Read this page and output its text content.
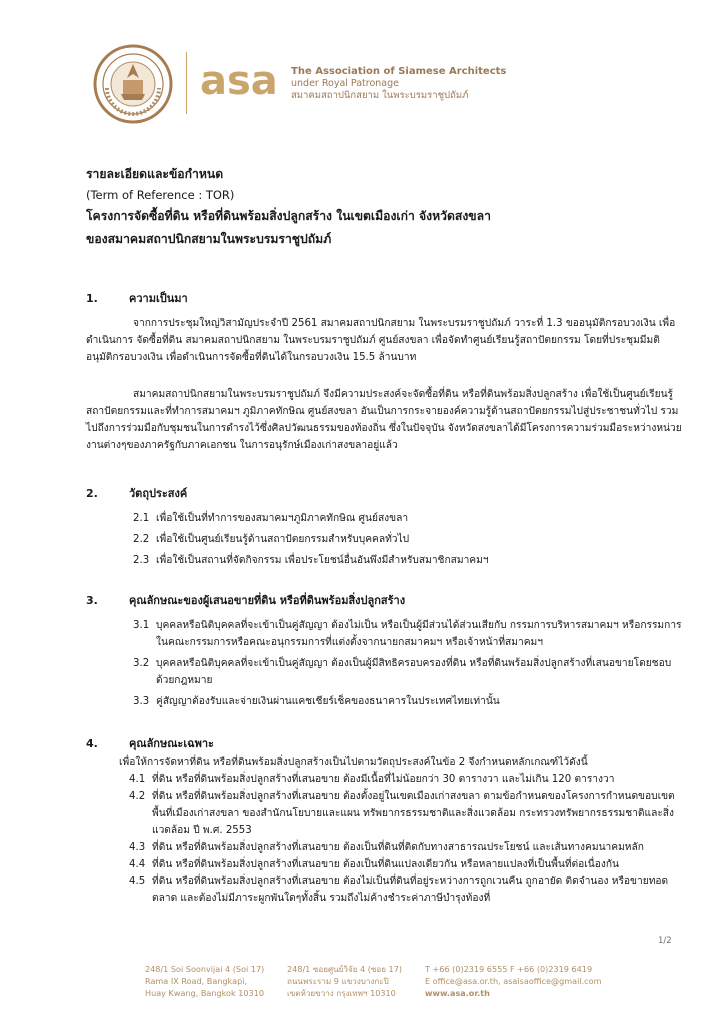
asa The Association of Siamese Architects
under Royal Patronage
สมาคมสถาปนิกสยาม ในพระบรมราชูปถัมภ์
รายละเอียดและข้อกำหนด
(Term of Reference : TOR)
โครงการจัดซื้อที่ดิน หรือที่ดินพร้อมสิ่งปลูกสร้าง ในเขตเมืองเก่า จังหวัดสงขลา
ของสมาคมสถาปนิกสยามในพระบรมราชูปถัมภ์
1.	ความเป็นมา

จากการประชุมใหญ่วิสามัญประจำปี 2561 สมาคมสถาปนิกสยาม ในพระบรมราชูปถัมภ์ วาระที่ 1.3 ขออนุมัติกรอบวงเงิน เพื่อดำเนินการ จัดซื้อที่ดิน สมาคมสถาปนิกสยาม ในพระบรมราชูปถัมภ์ ศูนย์สงขลา เพื่อจัดทำศูนย์เรียนรู้สถาปัตยกรรม โดยที่ประชุมมีมติอนุมัติกรอบวงเงิน เพื่อดำเนินการจัดซื้อที่ดินได้ในกรอบวงเงิน 15.5 ล้านบาท

สมาคมสถาปนิกสยามในพระบรมราชูปถัมภ์ จึงมีความประสงค์จะจัดซื้อที่ดิน หรือที่ดินพร้อมสิ่งปลูกสร้าง เพื่อใช้เป็นศูนย์เรียนรู้สถาปัตยกรรมและที่ทำการสมาคมฯ ภูมิภาคทักษิณ ศูนย์สงขลา อันเป็นการกระจายองค์ความรู้ด้านสถาปัตยกรรมไปสู่ประชาชนทั่วไป รวมไปถึงการร่วมมือกับชุมชนในการดำรงไว้ซึ่งศิลปวัฒนธรรมของท้องถิ่น ซึ่งในปัจจุบัน จังหวัดสงขลาได้มีโครงการความร่วมมือระหว่างหน่วยงานต่างๆของภาครัฐกับภาคเอกชน ในการอนุรักษ์เมืองเก่าสงขลาอยู่แล้ว

2.	วัตถุประสงค์
2.1 เพื่อใช้เป็นที่ทำการของสมาคมฯภูมิภาคทักษิณ ศูนย์สงขลา
2.2 เพื่อใช้เป็นศูนย์เรียนรู้ด้านสถาปัตยกรรมสำหรับบุคคลทั่วไป
2.3 เพื่อใช้เป็นสถานที่จัดกิจกรรม เพื่อประโยชน์อื่นอันพึงมีสำหรับสมาชิกสมาคมฯ
3.	คุณลักษณะของผู้เสนอขายที่ดิน หรือที่ดินพร้อมสิ่งปลูกสร้าง
3.1 บุคคลหรือนิติบุคคลที่จะเข้าเป็นคู่สัญญา ต้องไม่เป็น หรือเป็นผู้มีส่วนได้ส่วนเสียกับ กรรมการบริหารสมาคมฯ หรือกรรมการในคณะกรรมการหรือคณะอนุกรรมการที่แต่งตั้งจากนายกสมาคมฯ หรือเจ้าหน้าที่สมาคมฯ
3.2 บุคคลหรือนิติบุคคลที่จะเข้าเป็นคู่สัญญา ต้องเป็นผู้มีสิทธิครอบครองที่ดิน หรือที่ดินพร้อมสิ่งปลูกสร้างที่เสนอขายโดยชอบด้วยกฎหมาย
3.3 คู่สัญญาต้องรับและจ่ายเงินผ่านแคชเชียร์เช็คของธนาคารในประเทศไทยเท่านั้น
4.	คุณลักษณะเฉพาะ
เพื่อให้การจัดหาที่ดิน หรือที่ดินพร้อมสิ่งปลูกสร้างเป็นไปตามวัตถุประสงค์ในข้อ 2 จึงกำหนดหลักเกณฑ์ไว้ดังนี้
4.1 ที่ดิน หรือที่ดินพร้อมสิ่งปลูกสร้างที่เสนอขาย ต้องมีเนื้อที่ไม่น้อยกว่า 30 ตารางวา และไม่เกิน 120 ตารางวา
4.2 ที่ดิน หรือที่ดินพร้อมสิ่งปลูกสร้างที่เสนอขาย ต้องตั้งอยู่ในเขตเมืองเก่าสงขลา ตามข้อกำหนดของโครงการกำหนดขอบเขตพื้นที่เมืองเก่าสงขลา ของสำนักนโยบายและแผน ทรัพยากรธรรมชาติและสิ่งแวดล้อม กระทรวงทรัพยากรธรรมชาติและสิ่งแวดล้อม ปี พ.ศ. 2553
4.3 ที่ดิน หรือที่ดินพร้อมสิ่งปลูกสร้างที่เสนอขาย ต้องเป็นที่ดินที่ติดกับทางสาธารณประโยชน์ และเส้นทางคมนาคมหลัก
4.4 ที่ดิน หรือที่ดินพร้อมสิ่งปลูกสร้างที่เสนอขาย ต้องเป็นที่ดินแปลงเดียวกัน หรือหลายแปลงที่เป็นพื้นที่ต่อเนื่องกัน
4.5 ที่ดิน หรือที่ดินพร้อมสิ่งปลูกสร้างที่เสนอขาย ต้องไม่เป็นที่ดินที่อยู่ระหว่างการถูกเวนคืน ถูกอายัด ติดจำนอง หรือขายทอดตลาด และต้องไม่มีภาระผูกพันใดๆทั้งสิ้น รวมถึงไม่ค้างชำระค่าภาษีบำรุงท้องที่
1/2
248/1 Soi Soonvijai 4 (Soi 17)
Rama IX Road, Bangkapi,
Huay Kwang, Bangkok 10310
248/1 ซอยศูนย์วิจัย 4 (ซอย 17)
ถนนพระราม 9 แขวงบางกะปิ
เขตห้วยขวาง กรุงเทพฯ 10310
T +66 (0)2319 6555 F +66 (0)2319 6419
E office@asa.or.th, asaisaoffice@gmail.com
www.asa.or.th
